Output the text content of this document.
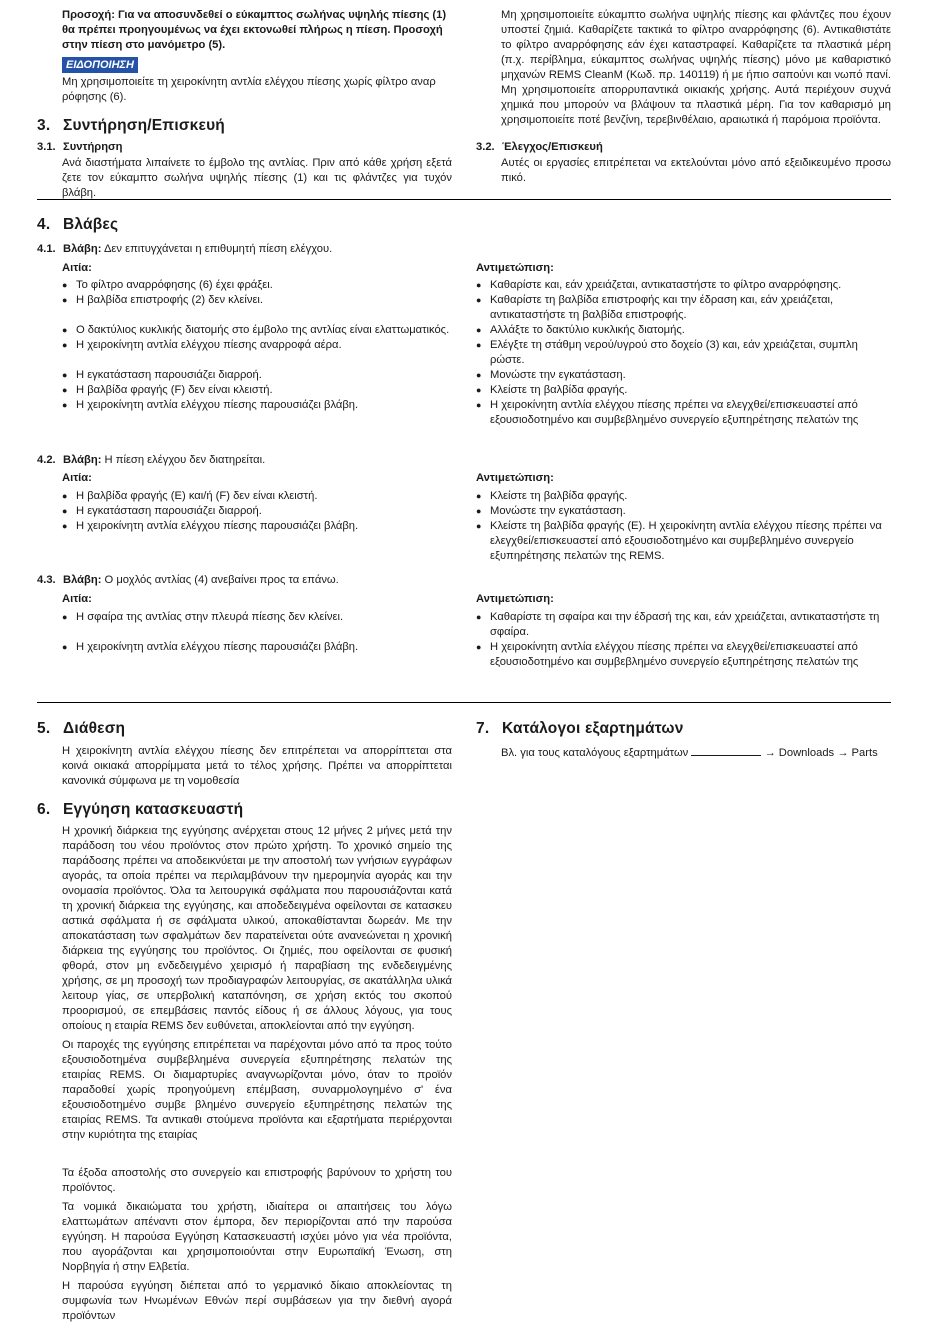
Προσοχή: Για να αποσυνδεθεί ο εύκαμπτος σωλήνας υψηλής πίεσης (1) θα πρέπει προηγουμένως να έχει εκτονωθεί πλήρως η πίεση. Προσοχή στην πίεση στο μανόμετρο (5).

ΕΙΔΟΠΟΙΗΣΗ

Μη χρησιμοποιείτε τη χειροκίνητη αντλία ελέγχου πίεσης χωρίς φίλτρο αναρ ρόφησης (6).

Μη χρησιμοποιείτε εύκαμπτο σωλήνα υψηλής πίεσης και φλάντζες που έχουν υποστεί ζημιά. Καθαρίζετε τακτικά το φίλτρο αναρρόφησης (6). Αντικαθιστάτε το φίλτρο αναρρόφησης εάν έχει καταστραφεί. Καθαρίζετε τα πλαστικά μέρη (π.χ. περίβλημα, εύκαμπτος σωλήνας υψηλής πίεσης) μόνο με καθαριστικό μηχανών REMS CleanM (Κωδ. πρ. 140119) ή με ήπιο σαπούνι και νωπό πανί. Μη χρησιμοποιείτε απορρυπαντικά οικιακής χρήσης. Αυτά περιέχουν συχνά χημικά που μπορούν να βλάψουν τα πλαστικά μέρη. Για τον καθαρισμό μη χρησιμοποιείτε ποτέ βενζίνη, τερεβινθέλαιο, αραιωτικά ή παρόμοια προϊόντα.
3. Συντήρηση/Επισκευή
3.1. Συντήρηση
Ανά διαστήματα λιπαίνετε το έμβολο της αντλίας. Πριν από κάθε χρήση εξετά ζετε τον εύκαμπτο σωλήνα υψηλής πίεσης (1) και τις φλάντζες για τυχόν βλάβη.
3.2. Έλεγχος/Επισκευή
Αυτές οι εργασίες επιτρέπεται να εκτελούνται μόνο από εξειδικευμένο προσω πικό.
4. Βλάβες
4.1. Βλάβη: Δεν επιτυγχάνεται η επιθυμητή πίεση ελέγχου.
Αιτία:
● Το φίλτρο αναρρόφησης (6) έχει φράξει.
● Η βαλβίδα επιστροφής (2) δεν κλείνει.
● Ο δακτύλιος κυκλικής διατομής στο έμβολο της αντλίας είναι ελαττωματικός.
● Η χειροκίνητη αντλία ελέγχου πίεσης αναρροφά αέρα.
● Η εγκατάσταση παρουσιάζει διαρροή.
● Η βαλβίδα φραγής (F) δεν είναι κλειστή.
● Η χειροκίνητη αντλία ελέγχου πίεσης παρουσιάζει βλάβη.
Αντιμετώπιση:
● Καθαρίστε και, εάν χρειάζεται, αντικαταστήστε το φίλτρο αναρρόφησης.
● Καθαρίστε τη βαλβίδα επιστροφής και την έδραση και, εάν χρειάζεται, αντικαταστήστε τη βαλβίδα επιστροφής.
● Αλλάξτε το δακτύλιο κυκλικής διατομής.
● Ελέγξτε τη στάθμη νερού/υγρού στο δοχείο (3) και, εάν χρειάζεται, συμπλη ρώστε.
● Μονώστε την εγκατάσταση.
● Κλείστε τη βαλβίδα φραγής.
● Η χειροκίνητη αντλία ελέγχου πίεσης πρέπει να ελεγχθεί/επισκευαστεί από εξουσιοδοτημένο και συμβεβλημένο συνεργείο εξυπηρέτησης πελατών της
4.2. Βλάβη: Η πίεση ελέγχου δεν διατηρείται.
Αιτία:
● Η βαλβίδα φραγής (E) και/ή (F) δεν είναι κλειστή.
● Η εγκατάσταση παρουσιάζει διαρροή.
● Η χειροκίνητη αντλία ελέγχου πίεσης παρουσιάζει βλάβη.
Αντιμετώπιση:
● Κλείστε τη βαλβίδα φραγής.
● Μονώστε την εγκατάσταση.
● Κλείστε τη βαλβίδα φραγής (E). Η χειροκίνητη αντλία ελέγχου πίεσης πρέπει να ελεγχθεί/επισκευαστεί από εξουσιοδοτημένο και συμβεβλημένο συνεργείο εξυπηρέτησης πελατών της REMS.
4.3. Βλάβη: Ο μοχλός αντλίας (4) ανεβαίνει προς τα επάνω.
Αιτία:
● Η σφαίρα της αντλίας στην πλευρά πίεσης δεν κλείνει.
● Η χειροκίνητη αντλία ελέγχου πίεσης παρουσιάζει βλάβη.
Αντιμετώπιση:
● Καθαρίστε τη σφαίρα και την έδρασή της και, εάν χρειάζεται, αντικαταστήστε τη σφαίρα.
● Η χειροκίνητη αντλία ελέγχου πίεσης πρέπει να ελεγχθεί/επισκευαστεί από εξουσιοδοτημένο και συμβεβλημένο συνεργείο εξυπηρέτησης πελατών της
5. Διάθεση
Η χειροκίνητη αντλία ελέγχου πίεσης δεν επιτρέπεται να απορρίπτεται στα κοινά οικιακά απορρίμματα μετά το τέλος χρήσης. Πρέπει να απορρίπτεται κανονικά σύμφωνα με τη νομοθεσία
6. Εγγύηση κατασκευαστή

Η χρονική διάρκεια της εγγύησης ανέρχεται στους 12 μήνες 2 μήνες μετά την παράδοση του νέου προϊόντος στον πρώτο χρήστη. Το χρονικό σημείο της παράδοσης πρέπει να αποδεικνύεται με την αποστολή των γνήσιων εγγράφων αγοράς, τα οποία πρέπει να περιλαμβάνουν την ημερομηνία αγοράς και την ονομασία προϊόντος. Όλα τα λειτουργικά σφάλματα που παρουσιάζονται κατά τη χρονική διάρκεια της εγγύησης, και αποδεδειγμένα οφείλονται σε κατασκευ αστικά σφάλματα ή σε σφάλματα υλικού, αποκαθίστανται δωρεάν. Με την αποκατάσταση των σφαλμάτων δεν παρατείνεται ούτε ανανεώνεται η χρονική διάρκεια της εγγύησης του προϊόντος. Οι ζημιές, που οφείλονται σε φυσική φθορά, στον μη ενδεδειγμένο χειρισμό ή παραβίαση της ενδεδειγμένης χρήσης, σε μη προσοχή των προδιαγραφών λειτουργίας, σε ακατάλληλα υλικά λειτουρ γίας, σε υπερβολική καταπόνηση, σε χρήση εκτός του σκοπού προορισμού, σε επεμβάσεις παντός είδους ή σε άλλους λόγους, για τους οποίους η εταιρία REMS δεν ευθύνεται, αποκλείονται από την εγγύηση.

Οι παροχές της εγγύησης επιτρέπεται να παρέχονται μόνο από τα προς τούτο εξουσιοδοτημένα συμβεβλημένα συνεργεία εξυπηρέτησης πελατών της εταιρίας REMS. Οι διαμαρτυρίες αναγνωρίζονται μόνο, όταν το προϊόν παραδοθεί χωρίς προηγούμενη επέμβαση, συναρμολογημένο σ' ένα εξουσιοδοτημένο συμβε βλημένο συνεργείο εξυπηρέτησης πελατών της εταιρίας REMS. Τα αντικαθι στούμενα προϊόντα και εξαρτήματα περιέρχονται στην κυριότητα της εταιρίας

Τα έξοδα αποστολής στο συνεργείο και επιστροφής βαρύνουν το χρήστη του προϊόντος.

Τα νομικά δικαιώματα του χρήστη, ιδιαίτερα οι απαιτήσεις του λόγω ελαττωμάτων απέναντι στον έμπορα, δεν περιορίζονται από την παρούσα εγγύηση. Η παρούσα Εγγύηση Κατασκευαστή ισχύει μόνο για νέα προϊόντα, που αγοράζονται και χρησιμοποιούνται στην Ευρωπαϊκή Ένωση, στη Νορβηγία ή στην Ελβετία.

Η παρούσα εγγύηση διέπεται από το γερμανικό δίκαιο αποκλείοντας τη συμφωνία των Ηνωμένων Εθνών περί συμβάσεων για την διεθνή αγορά προϊόντων

7. Κατάλογοι εξαρτημάτων
Βλ. για τους καταλόγους εξαρτημάτων	→ Downloads → Parts
